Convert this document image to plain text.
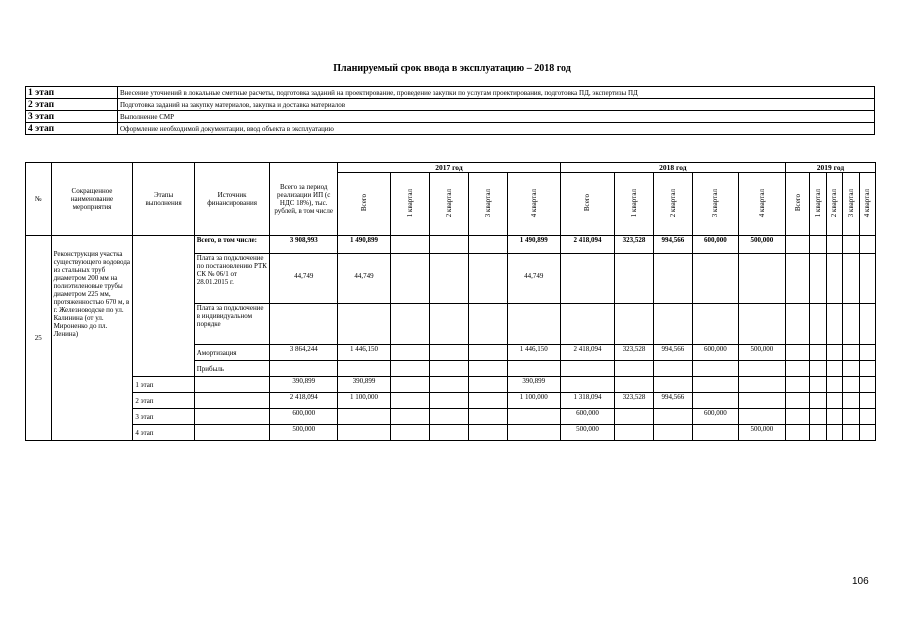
Планируемый срок ввода в эксплуатацию – 2018 год
1 этап	Внесение уточнений в локальные сметные расчеты, подготовка заданий на проектирование, проведение закупки по услугам проектирования, подготовка ПД, экспертизы ПД
2 этап	Подготовка заданий на закупку материалов, закупка и доставка материалов
3 этап	Выполнение СМР
4 этап	Оформление необходимой документации, ввод объекта в эксплуатацию
№	Сокращенное наименование мероприятия	Этапы выполнения	Источник финансирования	Всего за период реализации ИП (с НДС 18%), тыс. рублей, в том числе	2017 год					2018 год					2019 год				
					Всего	1 квартал	2 квартал	3 квартал	4 квартал	Всего	1 квартал	2 квартал	3 квартал	4 квартал	Всего	1 квартал	2 квартал	3 квартал	4 квартал
25	Реконструкция участка существующего водовода из стальных труб диаметром 200 мм на полиэтиленовые трубы диаметром 225 мм, протяженностью 670 м, в г. Железноводске по ул. Калинина (от ул. Мироненко до пл. Ленина)		Всего, в том числе:	3 908,993	1 490,899				1 490,899	2 418,094	323,528	994,566	600,000	500,000					
			Плата за подключение по постановлению РТК СК № 06/1 от 28.01.2015 г.	44,749	44,749				44,749										
			Плата за подключение в индивидуальном порядке																
			Амортизация	3 864,244	1 446,150				1 446,150	2 418,094	323,528	994,566	600,000	500,000					
			Прибыль																
		1 этап		390,899	390,899				390,899										
		2 этап		2 418,094	1 100,000				1 100,000	1 318,094	323,528	994,566							
		3 этап		600,000						600,000			600,000						
		4 этап		500,000						500,000				500,000					
106
